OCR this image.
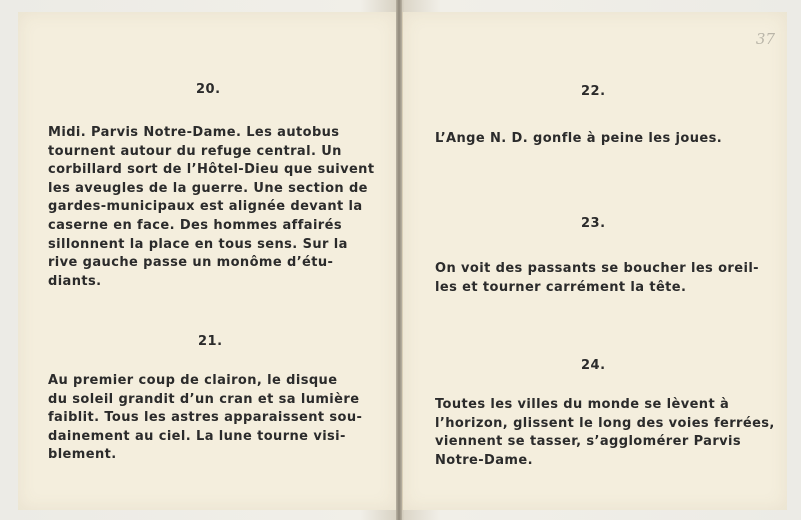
20.

Midi. Parvis Notre-Dame. Les autobus
tournent autour du refuge central. Un
corbillard sort de l’Hôtel-Dieu que suivent
les aveugles de la guerre. Une section de
gardes-municipaux est alignée devant la
caserne en face. Des hommes affairés
sillonnent la place en tous sens. Sur la
rive gauche passe un monôme d’étu-
diants.

21.

Au premier coup de clairon, le disque
du soleil grandit d’un cran et sa lumière
faiblit. Tous les astres apparaissent sou-
dainement au ciel. La lune tourne visi-
blement.

37
22.

L’Ange N. D. gonfle à peine les joues.

23.

On voit des passants se boucher les oreil-
les et tourner carrément la tête.

24.

Toutes les villes du monde se lèvent à
l’horizon, glissent le long des voies ferrées,
viennent se tasser, s’agglomérer Parvis
Notre-Dame.
